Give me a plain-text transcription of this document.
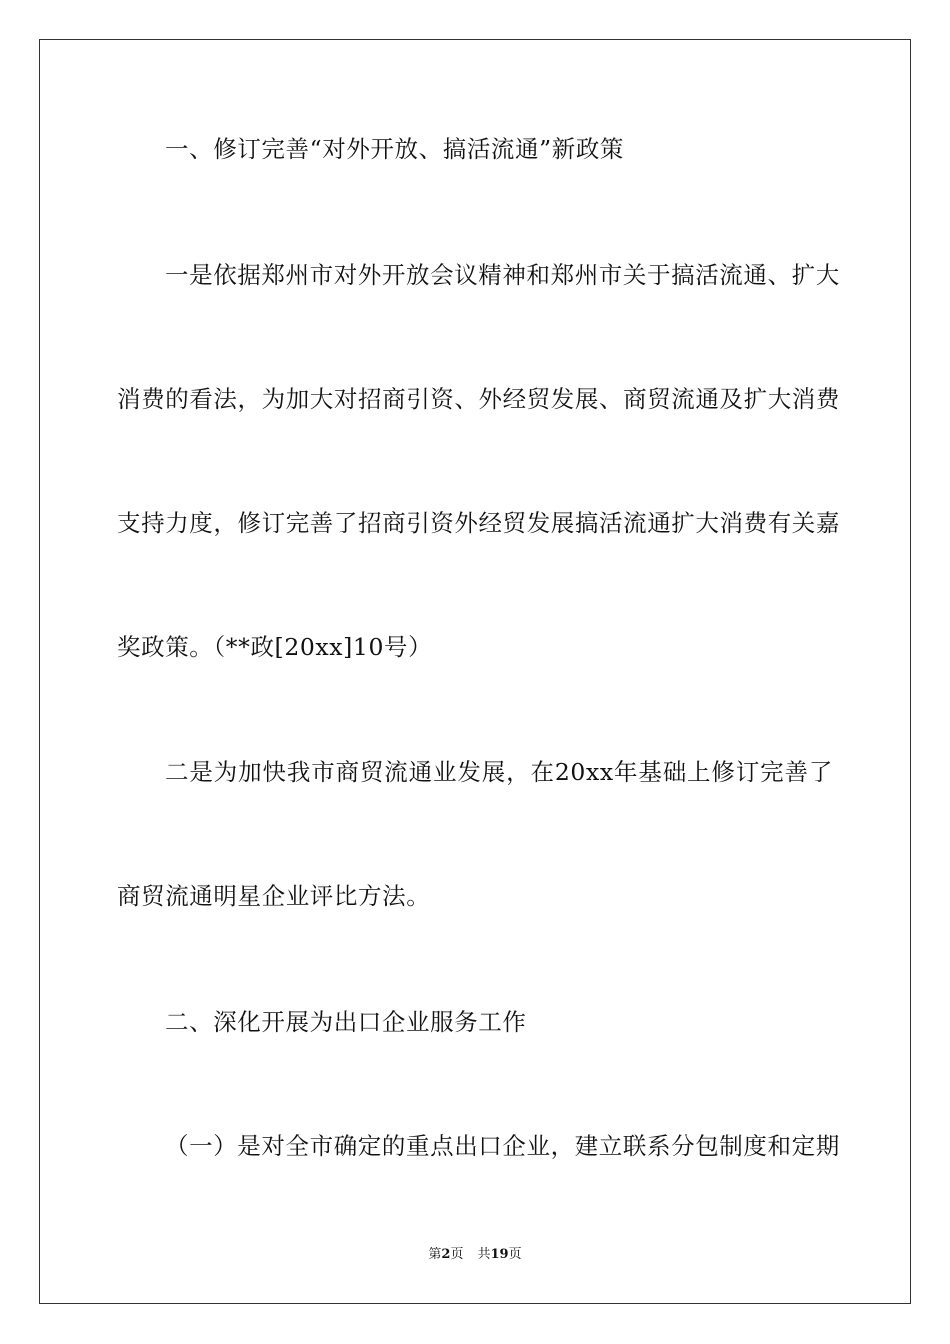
一、修订完善“对外开放、搞活流通”新政策
一是依据郑州市对外开放会议精神和郑州市关于搞活流通、扩大
消费的看法，为加大对招商引资、外经贸发展、商贸流通及扩大消费
支持力度，修订完善了招商引资外经贸发展搞活流通扩大消费有关嘉
奖政策。（**政[20xx]10号）
二是为加快我市商贸流通业发展，在20xx年基础上修订完善了
商贸流通明星企业评比方法。
二、深化开展为出口企业服务工作
（一）是对全市确定的重点出口企业，建立联系分包制度和定期
第2页 共19页
